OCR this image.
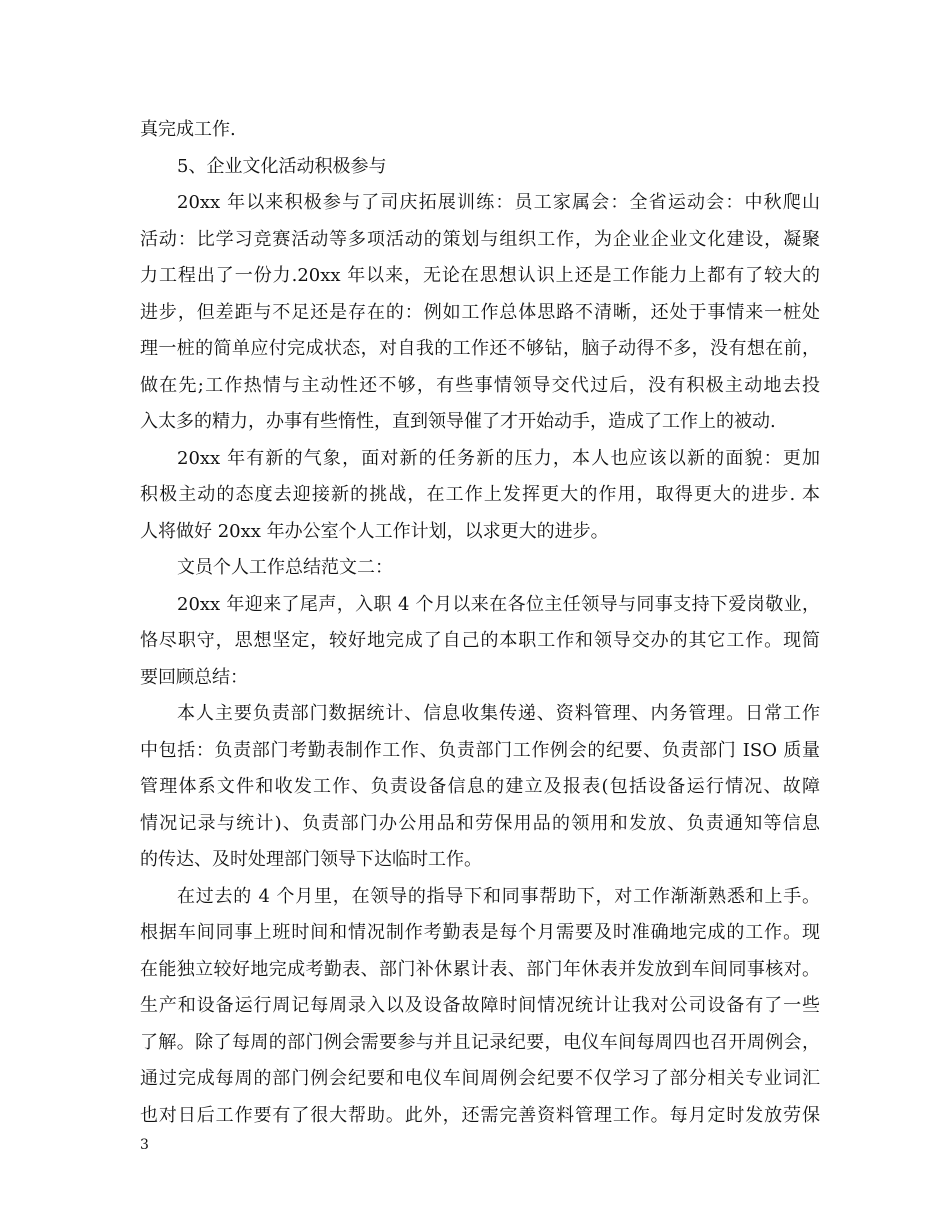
真完成工作.
5、企业文化活动积极参与
20xx 年以来积极参与了司庆拓展训练：员工家属会：全省运动会：中秋爬山
活动：比学习竞赛活动等多项活动的策划与组织工作，为企业企业文化建设，凝聚
力工程出了一份力.20xx 年以来，无论在思想认识上还是工作能力上都有了较大的
进步，但差距与不足还是存在的：例如工作总体思路不清晰，还处于事情来一桩处
理一桩的简单应付完成状态，对自我的工作还不够钻，脑子动得不多，没有想在前，
做在先;工作热情与主动性还不够，有些事情领导交代过后，没有积极主动地去投
入太多的精力，办事有些惰性，直到领导催了才开始动手，造成了工作上的被动.
20xx 年有新的气象，面对新的任务新的压力，本人也应该以新的面貌：更加
积极主动的态度去迎接新的挑战，在工作上发挥更大的作用，取得更大的进步. 本
人将做好 20xx 年办公室个人工作计划，以求更大的进步。
文员个人工作总结范文二：
20xx 年迎来了尾声，入职 4 个月以来在各位主任领导与同事支持下爱岗敬业，
恪尽职守，思想坚定，较好地完成了自己的本职工作和领导交办的其它工作。现简
要回顾总结：
本人主要负责部门数据统计、信息收集传递、资料管理、内务管理。日常工作
中包括：负责部门考勤表制作工作、负责部门工作例会的纪要、负责部门 ISO 质量
管理体系文件和收发工作、负责设备信息的建立及报表(包括设备运行情况、故障
情况记录与统计)、负责部门办公用品和劳保用品的领用和发放、负责通知等信息
的传达、及时处理部门领导下达临时工作。
在过去的 4 个月里，在领导的指导下和同事帮助下，对工作渐渐熟悉和上手。
根据车间同事上班时间和情况制作考勤表是每个月需要及时准确地完成的工作。现
在能独立较好地完成考勤表、部门补休累计表、部门年休表并发放到车间同事核对。
生产和设备运行周记每周录入以及设备故障时间情况统计让我对公司设备有了一些
了解。除了每周的部门例会需要参与并且记录纪要，电仪车间每周四也召开周例会，
通过完成每周的部门例会纪要和电仪车间周例会纪要不仅学习了部分相关专业词汇
也对日后工作要有了很大帮助。此外，还需完善资料管理工作。每月定时发放劳保
3
